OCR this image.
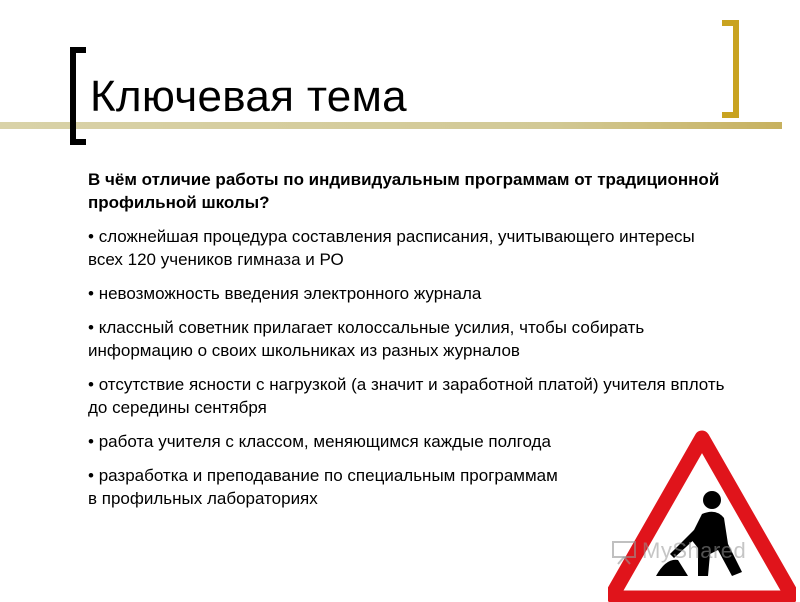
Ключевая тема

В чём отличие работы по индивидуальным программам от традиционной профильной школы?

• сложнейшая процедура составления расписания, учитывающего интересы всех 120 учеников гимназа и РО
• невозможность введения электронного журнала
• классный советник прилагает колоссальные усилия, чтобы собирать информацию о своих школьниках из разных журналов
• отсутствие ясности с нагрузкой (а значит и заработной платой) учителя вплоть до середины сентября
• работа учителя с классом, меняющимся каждые полгода
• разработка и преподавание по специальным программам в профильных лабораториях
MyShared
